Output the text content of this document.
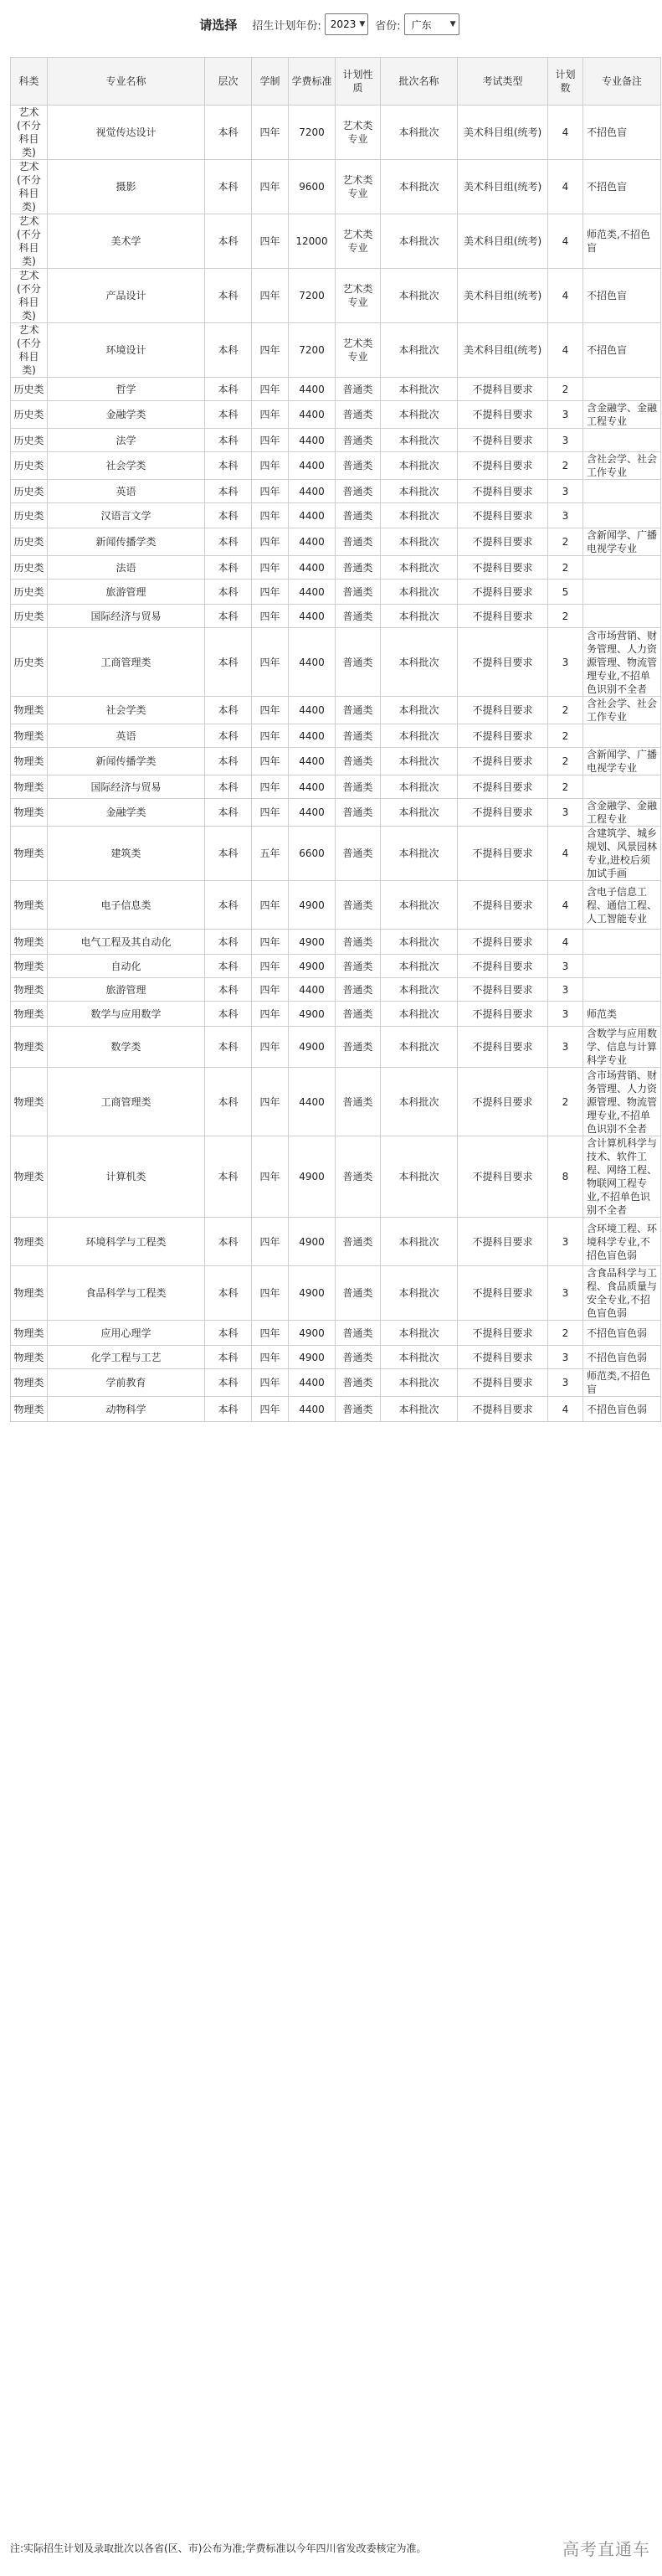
请选择 招生计划年份: 2023 ▼ 省份: 广东 ▼
科类	专业名称	层次	学制	学费标准	计划性质	批次名称	考试类型	计划数	专业备注
艺术(不分科目类)	视觉传达设计	本科	四年	7200	艺术类专业	本科批次	美术科目组(统考)	4	不招色盲
艺术(不分科目类)	摄影	本科	四年	9600	艺术类专业	本科批次	美术科目组(统考)	4	不招色盲
艺术(不分科目类)	美术学	本科	四年	12000	艺术类专业	本科批次	美术科目组(统考)	4	师范类,不招色盲
艺术(不分科目类)	产品设计	本科	四年	7200	艺术类专业	本科批次	美术科目组(统考)	4	不招色盲
艺术(不分科目类)	环境设计	本科	四年	7200	艺术类专业	本科批次	美术科目组(统考)	4	不招色盲
历史类	哲学	本科	四年	4400	普通类	本科批次	不提科目要求	2	
历史类	金融学类	本科	四年	4400	普通类	本科批次	不提科目要求	3	含金融学、金融工程专业
历史类	法学	本科	四年	4400	普通类	本科批次	不提科目要求	3	
历史类	社会学类	本科	四年	4400	普通类	本科批次	不提科目要求	2	含社会学、社会工作专业
历史类	英语	本科	四年	4400	普通类	本科批次	不提科目要求	3	
历史类	汉语言文学	本科	四年	4400	普通类	本科批次	不提科目要求	3	
历史类	新闻传播学类	本科	四年	4400	普通类	本科批次	不提科目要求	2	含新闻学、广播电视学专业
历史类	法语	本科	四年	4400	普通类	本科批次	不提科目要求	2	
历史类	旅游管理	本科	四年	4400	普通类	本科批次	不提科目要求	5	
历史类	国际经济与贸易	本科	四年	4400	普通类	本科批次	不提科目要求	2	
历史类	工商管理类	本科	四年	4400	普通类	本科批次	不提科目要求	3	含市场营销、财务管理、人力资源管理、物流管理专业,不招单色识别不全者
物理类	社会学类	本科	四年	4400	普通类	本科批次	不提科目要求	2	含社会学、社会工作专业
物理类	英语	本科	四年	4400	普通类	本科批次	不提科目要求	2	
物理类	新闻传播学类	本科	四年	4400	普通类	本科批次	不提科目要求	2	含新闻学、广播电视学专业
物理类	国际经济与贸易	本科	四年	4400	普通类	本科批次	不提科目要求	2	
物理类	金融学类	本科	四年	4400	普通类	本科批次	不提科目要求	3	含金融学、金融工程专业
物理类	建筑类	本科	五年	6600	普通类	本科批次	不提科目要求	4	含建筑学、城乡规划、风景园林专业,进校后须加试手画
物理类	电子信息类	本科	四年	4900	普通类	本科批次	不提科目要求	4	含电子信息工程、通信工程、人工智能专业
物理类	电气工程及其自动化	本科	四年	4900	普通类	本科批次	不提科目要求	4	
物理类	自动化	本科	四年	4900	普通类	本科批次	不提科目要求	3	
物理类	旅游管理	本科	四年	4400	普通类	本科批次	不提科目要求	3	
物理类	数学与应用数学	本科	四年	4900	普通类	本科批次	不提科目要求	3	师范类
物理类	数学类	本科	四年	4900	普通类	本科批次	不提科目要求	3	含数学与应用数学、信息与计算科学专业
物理类	工商管理类	本科	四年	4400	普通类	本科批次	不提科目要求	2	含市场营销、财务管理、人力资源管理、物流管理专业,不招单色识别不全者
物理类	计算机类	本科	四年	4900	普通类	本科批次	不提科目要求	8	含计算机科学与技术、软件工程、网络工程、物联网工程专业,不招单色识别不全者
物理类	环境科学与工程类	本科	四年	4900	普通类	本科批次	不提科目要求	3	含环境工程、环境科学专业,不招色盲色弱
物理类	食品科学与工程类	本科	四年	4900	普通类	本科批次	不提科目要求	3	含食品科学与工程、食品质量与安全专业,不招色盲色弱
物理类	应用心理学	本科	四年	4900	普通类	本科批次	不提科目要求	2	不招色盲色弱
物理类	化学工程与工艺	本科	四年	4900	普通类	本科批次	不提科目要求	3	不招色盲色弱
物理类	学前教育	本科	四年	4400	普通类	本科批次	不提科目要求	3	师范类,不招色盲
物理类	动物科学	本科	四年	4400	普通类	本科批次	不提科目要求	4	不招色盲色弱
注:实际招生计划及录取批次以各省(区、市)公布为准;学费标准以今年四川省发改委核定为准。	高考直通车
